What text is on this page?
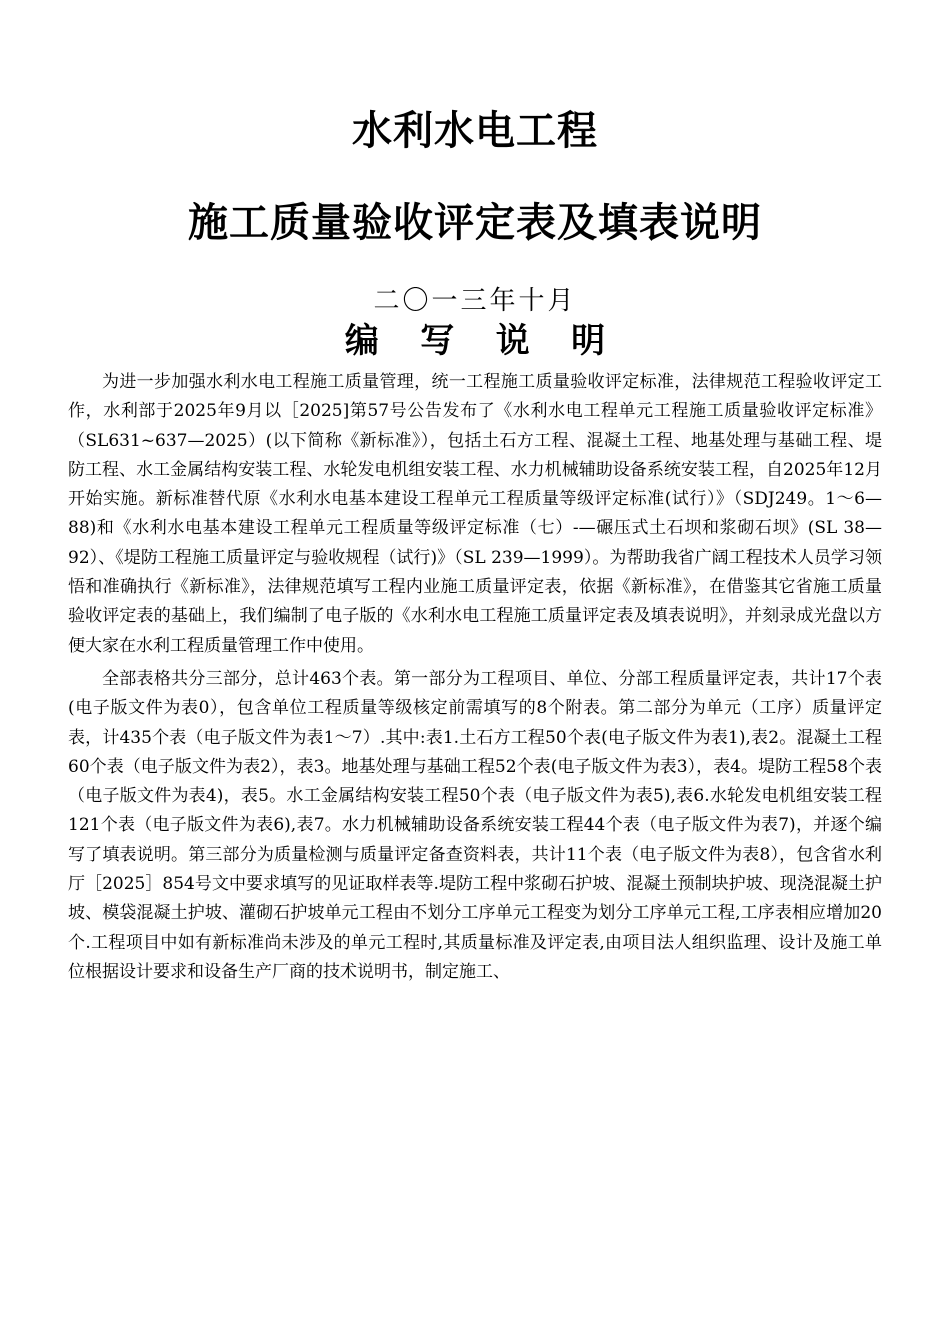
水利水电工程
施工质量验收评定表及填表说明
二〇一三年十月
编 写 说 明

为进一步加强水利水电工程施工质量管理，统一工程施工质量验收评定标准，法律规范工程验收评定工作，水利部于2025年9月以［2025]第57号公告发布了《水利水电工程单元工程施工质量验收评定标准》（SL631~637—2025）(以下简称《新标准》），包括土石方工程、混凝土工程、地基处理与基础工程、堤防工程、水工金属结构安装工程、水轮发电机组安装工程、水力机械辅助设备系统安装工程，自2025年12月开始实施。新标准替代原《水利水电基本建设工程单元工程质量等级评定标准(试行）》（SDJ249。1～6—88)和《水利水电基本建设工程单元工程质量等级评定标准（七）-—碾压式土石坝和浆砌石坝》(SL 38—92）、《堤防工程施工质量评定与验收规程（试行)》（SL 239—1999）。为帮助我省广阔工程技术人员学习领悟和准确执行《新标准》，法律规范填写工程内业施工质量评定表，依据《新标准》，在借鉴其它省施工质量验收评定表的基础上，我们编制了电子版的《水利水电工程施工质量评定表及填表说明》，并刻录成光盘以方便大家在水利工程质量管理工作中使用。

全部表格共分三部分，总计463个表。第一部分为工程项目、单位、分部工程质量评定表，共计17个表(电子版文件为表0），包含单位工程质量等级核定前需填写的8个附表。第二部分为单元（工序）质量评定表，计435个表（电子版文件为表1～7）.其中:表1.土石方工程50个表(电子版文件为表1),表2。混凝土工程60个表（电子版文件为表2），表3。地基处理与基础工程52个表(电子版文件为表3），表4。堤防工程58个表（电子版文件为表4)，表5。水工金属结构安装工程50个表（电子版文件为表5),表6.水轮发电机组安装工程121个表（电子版文件为表6),表7。水力机械辅助设备系统安装工程44个表（电子版文件为表7)，并逐个编写了填表说明。第三部分为质量检测与质量评定备查资料表，共计11个表（电子版文件为表8），包含省水利厅［2025］854号文中要求填写的见证取样表等.堤防工程中浆砌石护坡、混凝土预制块护坡、现浇混凝土护坡、模袋混凝土护坡、灌砌石护坡单元工程由不划分工序单元工程变为划分工序单元工程,工序表相应增加20个.工程项目中如有新标准尚未涉及的单元工程时,其质量标准及评定表,由项目法人组织监理、设计及施工单位根据设计要求和设备生产厂商的技术说明书，制定施工、
